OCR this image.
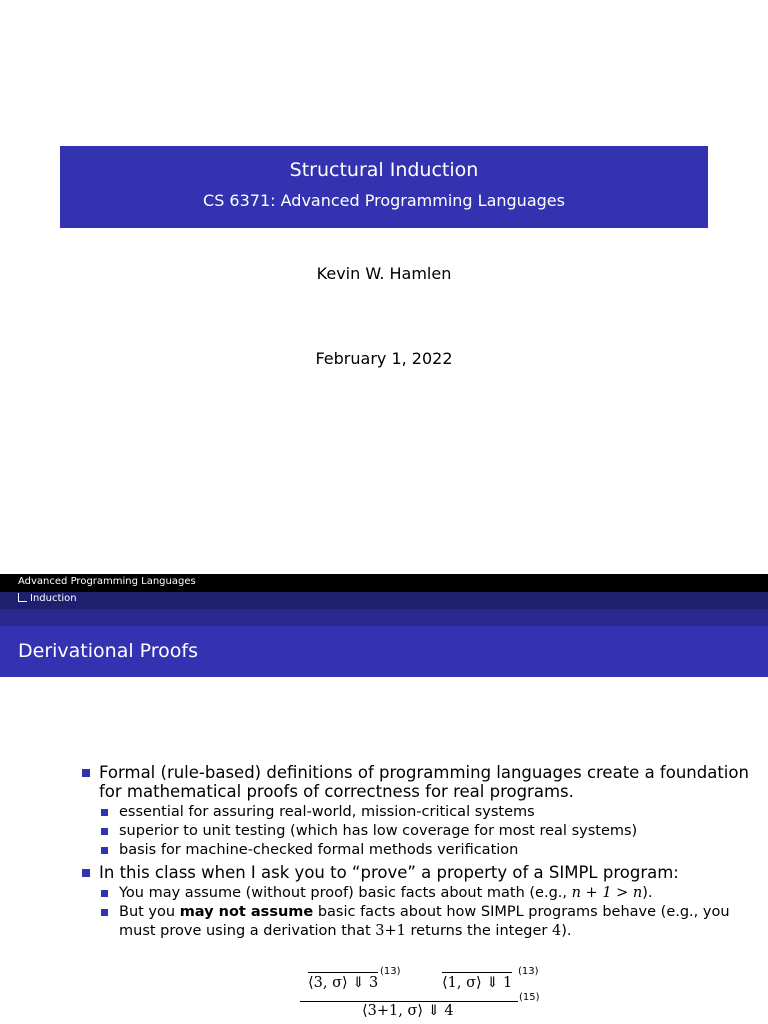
Structural Induction
CS 6371: Advanced Programming Languages
Kevin W. Hamlen
February 1, 2022
Advanced Programming Languages
Induction
Derivational Proofs
Formal (rule-based) definitions of programming languages create a foundation for mathematical proofs of correctness for real programs.
essential for assuring real-world, mission-critical systems
superior to unit testing (which has low coverage for most real systems)
basis for machine-checked formal methods verification
In this class when I ask you to “prove” a property of a SIMPL program:
You may assume (without proof) basic facts about math (e.g., n + 1 > n).
But you may not assume basic facts about how SIMPL programs behave (e.g., you must prove using a derivation that 3+1 returns the integer 4).
⟨3, σ⟩ ⇓ 3
(13)
⟨1, σ⟩ ⇓ 1
(13)
(15)
⟨3+1, σ⟩ ⇓ 4
